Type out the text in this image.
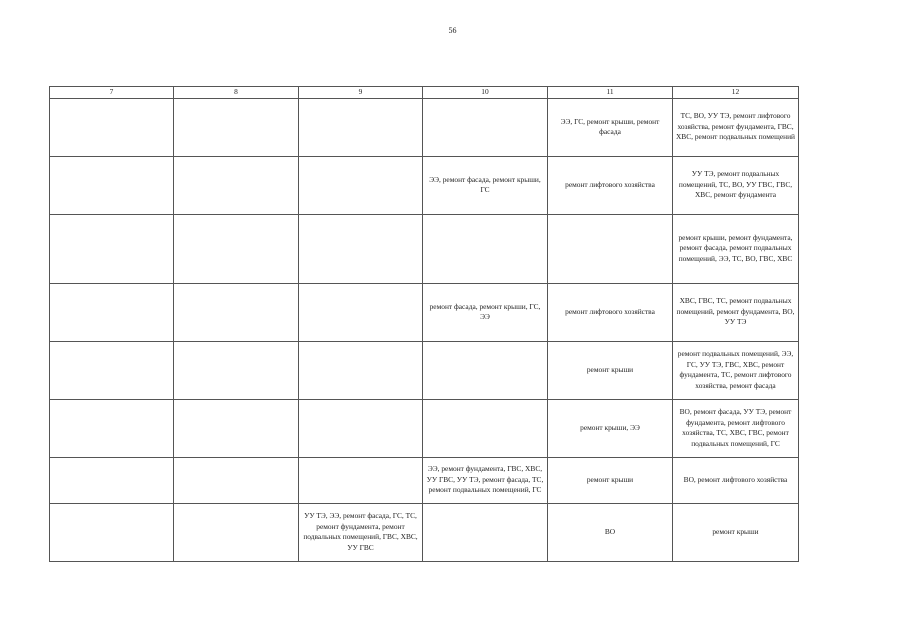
56
7	8	9	10	11	12
				ЭЭ, ГС, ремонт крыши, ремонт фасада	ТС, ВО, УУ ТЭ, ремонт лифтового хозяйства, ремонт фундамента, ГВС, ХВС, ремонт подвальных помещений
			ЭЭ, ремонт фасада, ремонт крыши, ГС	ремонт лифтового хозяйства	УУ ТЭ, ремонт подвальных помещений, ТС, ВО, УУ ГВС, ГВС, ХВС, ремонт фундамента
					ремонт крыши, ремонт фундамента, ремонт фасада, ремонт подвальных помещений, ЭЭ, ТС, ВО, ГВС, ХВС
			ремонт фасада, ремонт крыши, ГС, ЭЭ	ремонт лифтового хозяйства	ХВС, ГВС, ТС, ремонт подвальных помещений, ремонт фундамента, ВО, УУ ТЭ
				ремонт крыши	ремонт подвальных помещений, ЭЭ, ГС, УУ ТЭ, ГВС, ХВС, ремонт фундамента, ТС, ремонт лифтового хозяйства, ремонт фасада
				ремонт крыши, ЭЭ	ВО, ремонт фасада, УУ ТЭ, ремонт фундамента, ремонт лифтового хозяйства, ТС, ХВС, ГВС, ремонт подвальных помещений, ГС
			ЭЭ, ремонт фундамента, ГВС, ХВС, УУ ГВС, УУ ТЭ, ремонт фасада, ТС, ремонт подвальных помещений, ГС	ремонт крыши	ВО, ремонт лифтового хозяйства
		УУ ТЭ, ЭЭ, ремонт фасада, ГС, ТС, ремонт фундамента, ремонт подвальных помещений, ГВС, ХВС, УУ ГВС		ВО	ремонт крыши
